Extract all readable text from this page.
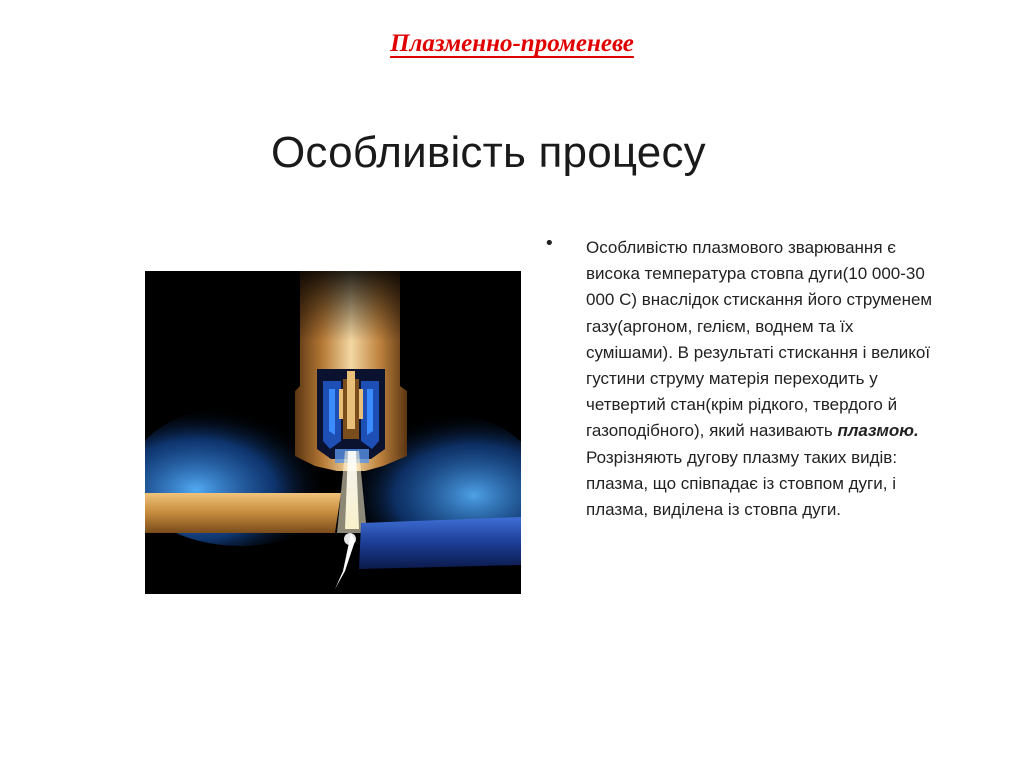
Плазменно-променеве
Особливість процесу
• Особливістю плазмового зварювання є висока температура стовпа дуги(10 000-30 000 С) внаслідок стискання його струменем газу(аргоном, гелієм, воднем та їх сумішами). В результаті стискання і великої густини струму матерія переходить у четвертий стан(крім рідкого, твердого й газоподібного), який називають плазмою. Розрізняють дугову плазму таких видів: плазма, що співпадає із стовпом дуги, і плазма, виділена із стовпа дуги.
